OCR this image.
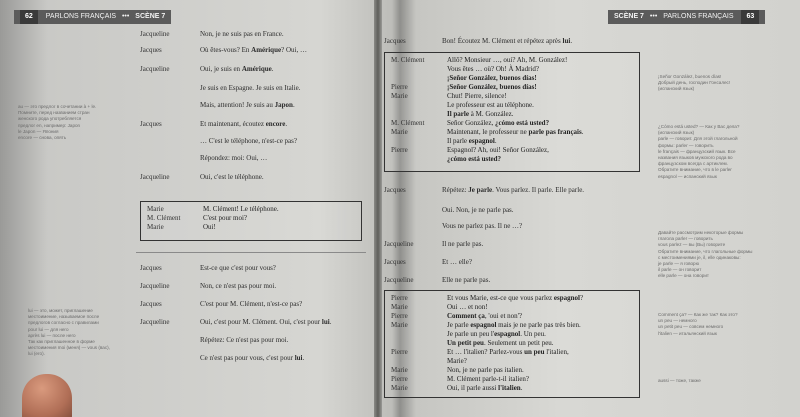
62 PARLONS FRANÇAIS ••• SCÈNE 7
Jacqueline	Non, je ne suis pas en France.
Jacques	Où êtes-vous? En Amérique? Oui, …
Jacqueline	Oui, je suis en Amérique.
Je suis en Espagne. Je suis en Italie.
Mais, attention! Je suis au Japon.
Jacques	Et maintenant, écoutez encore.
… C'est le téléphone, n'est-ce pas?
Répondez: moi: Oui, …
Jacqueline	Oui, c'est le téléphone.
Marie	M. Clément! Le téléphone.
M. Clément	C'est pour moi?
Marie	Oui!
Jacques	Est-ce que c'est pour vous?
Jacqueline	Non, ce n'est pas pour moi.
Jacques	C'est pour M. Clément, n'est-ce pas?
Jacqueline	Oui, c'est pour M. Clément. Oui, c'est pour lui.
Répétez: Ce n'est pas pour moi.
Ce n'est pas pour vous, c'est pour lui.
au — это предлог в сочетании à + le.
Помните, перед названием стран
женского рода употребляется
предлог en, например: Japon
le Japon — Япония
encore — снова, опять
lui — это, может, приглашение
местоимение, называемое после
предлогов согласно с правилами
pour lui — для него
après lui — после него
Так как приглашенное в форме
местоимения moi (меня) — vous (вас),
lui (его).
SCÈNE 7 ••• PARLONS FRANÇAIS 63
Jacques	Bon! Écoutez M. Clément et répétez après lui.
M. Clément	Allô? Monsieur …, oui? Ah, M. González!
Vous êtes … où? Oh! À Madrid?
¡Señor González, buenos días!
Pierre	¡Señor González, buenos días!
Marie	Chut! Pierre, silence!
Le professeur est au téléphone.
Il parle à M. González.
M. Clément	Señor González, ¿cómo está usted?
Marie	Maintenant, le professeur ne parle pas français.
Il parle espagnol.
Pierre	Espagnol? Ah, oui! Señor González,
¿cómo está usted?
Jacques	Répétez: Je parle. Vous parlez. Il parle. Elle parle.
Oui. Non, je ne parle pas.
Vous ne parlez pas. Il ne …?
Jacqueline	Il ne parle pas.
Jacques	Et … elle?
Jacqueline	Elle ne parle pas.
Pierre	Et vous Marie, est-ce que vous parlez espagnol?
Marie	Oui … et non!
Pierre	Comment ça, 'oui et non'?
Marie	Je parle espagnol mais je ne parle pas très bien.
Je parle un peu l'espagnol. Un peu.
Un petit peu. Seulement un petit peu.
Pierre	Et … l'italien? Parlez-vous un peu l'italien,
Marie?
Marie	Non, je ne parle pas italien.
Pierre	M. Clément parle-t-il italien?
Marie	Oui, il parle aussi l'italien.
¡Señor González, buenos días!
Добрый день, господин Гонсалес!
(испанский язык)
¿Cómo está usted? — Как у Вас дела?
(испанский язык)
parle — говорит. Для этой глагольной
формы: parler — говорить
le français — французский язык. Все
названия языков мужского рода во
французском всегда с артиклем.
Обратите внимание, что в le parler
espagnol — испанский язык
Давайте рассмотрим некоторые формы
глагола parler — говорить
vous parlez — вы (Вы) говорите
Обратите внимание, что глагольные формы
с местоимениями je, il, elle одинаковы:
je parle — я говорю
il parle — он говорит
elle parle — она говорит
Comment ça? — Как же так? Как это?
un peu — немного
un petit peu — совсем немного
l'italien — итальянский язык
aussi — тоже, также
